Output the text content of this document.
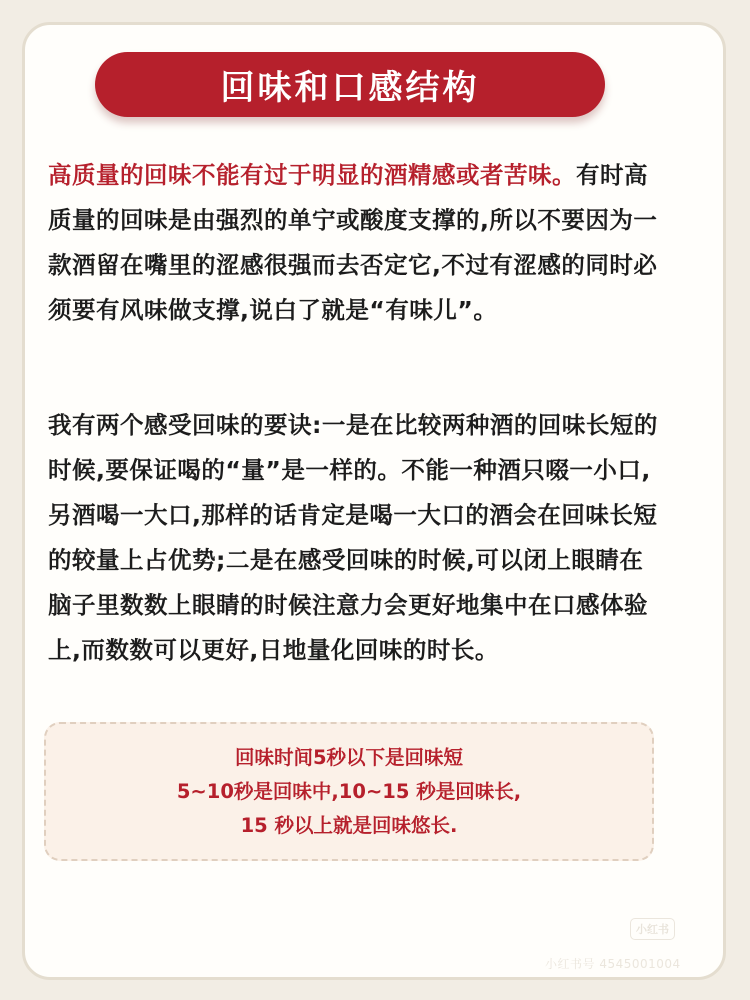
回味和口感结构

高质量的回味不能有过于明显的酒精感或者苦味。有时高质量的回味是由强烈的单宁或酸度支撑的,所以不要因为一款酒留在嘴里的涩感很强而去否定它,不过有涩感的同时必须要有风味做支撑,说白了就是“有味儿”。

我有两个感受回味的要诀:一是在比较两种酒的回味长短的时候,要保证喝的“量”是一样的。不能一种酒只啜一小口,另酒喝一大口,那样的话肯定是喝一大口的酒会在回味长短的较量上占优势;二是在感受回味的时候,可以闭上眼睛在脑子里数数上眼睛的时候注意力会更好地集中在口感体验上,而数数可以更好,日地量化回味的时长。

回味时间5秒以下是回味短
5~10秒是回味中,10~15 秒是回味长,
15 秒以上就是回味悠长.
小红书
小红书号 4545001004
